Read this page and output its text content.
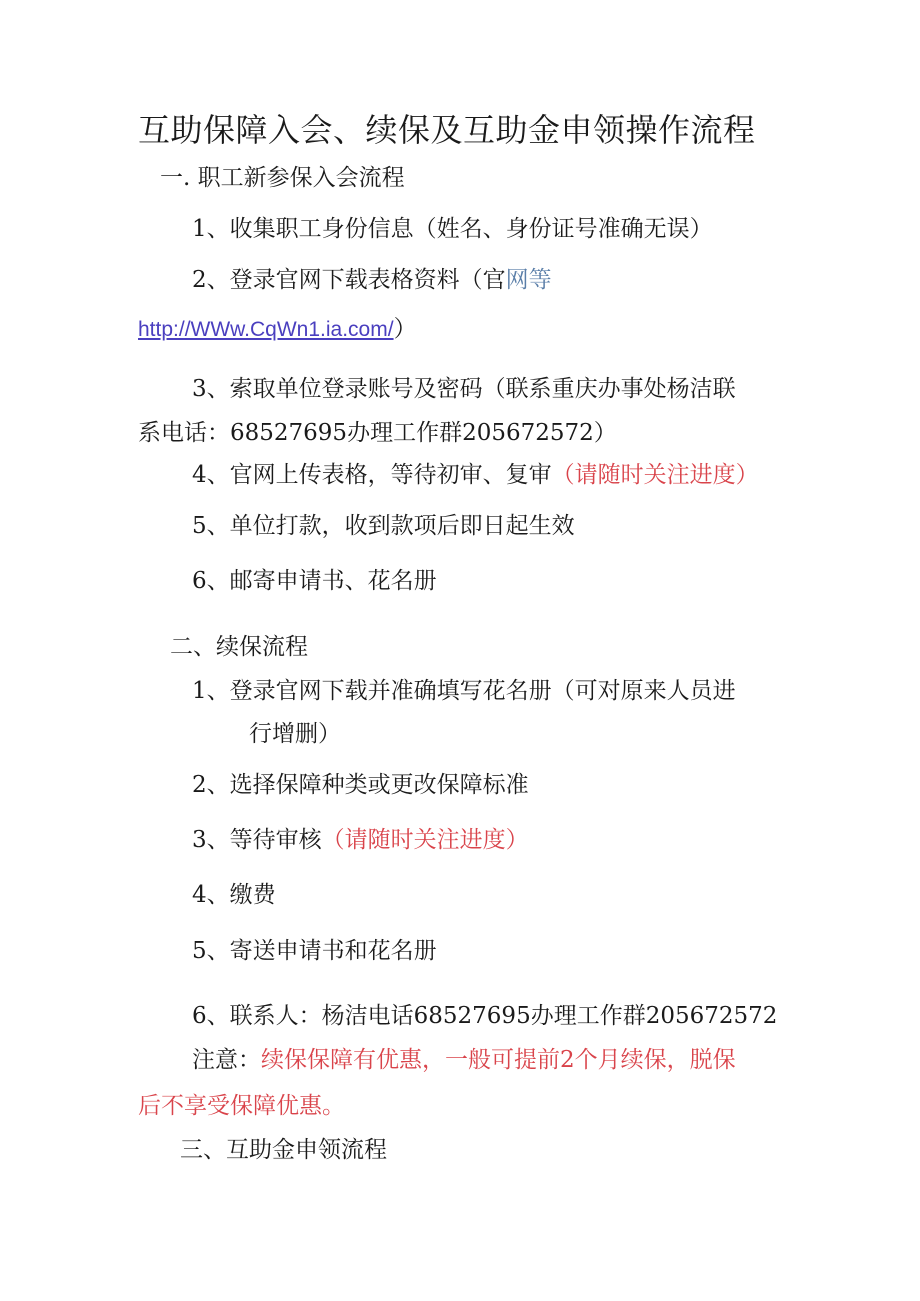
互助保障入会、续保及互助金申领操作流程
一. 职工新参保入会流程
1、收集职工身份信息（姓名、身份证号准确无误）
2、登录官网下载表格资料（官网等
http://WWw.CqWn1.ia.com/）
3、索取单位登录账号及密码（联系重庆办事处杨洁联
系电话：68527695办理工作群205672572）
4、官网上传表格，等待初审、复审（请随时关注进度）
5、单位打款，收到款项后即日起生效
6、邮寄申请书、花名册
二、续保流程
1、登录官网下载并准确填写花名册（可对原来人员进
行增删）
2、选择保障种类或更改保障标准
3、等待审核（请随时关注进度）
4、缴费
5、寄送申请书和花名册
6、联系人：杨洁电话68527695办理工作群205672572
注意：续保保障有优惠，一般可提前2个月续保，脱保
后不享受保障优惠。
三、互助金申领流程
